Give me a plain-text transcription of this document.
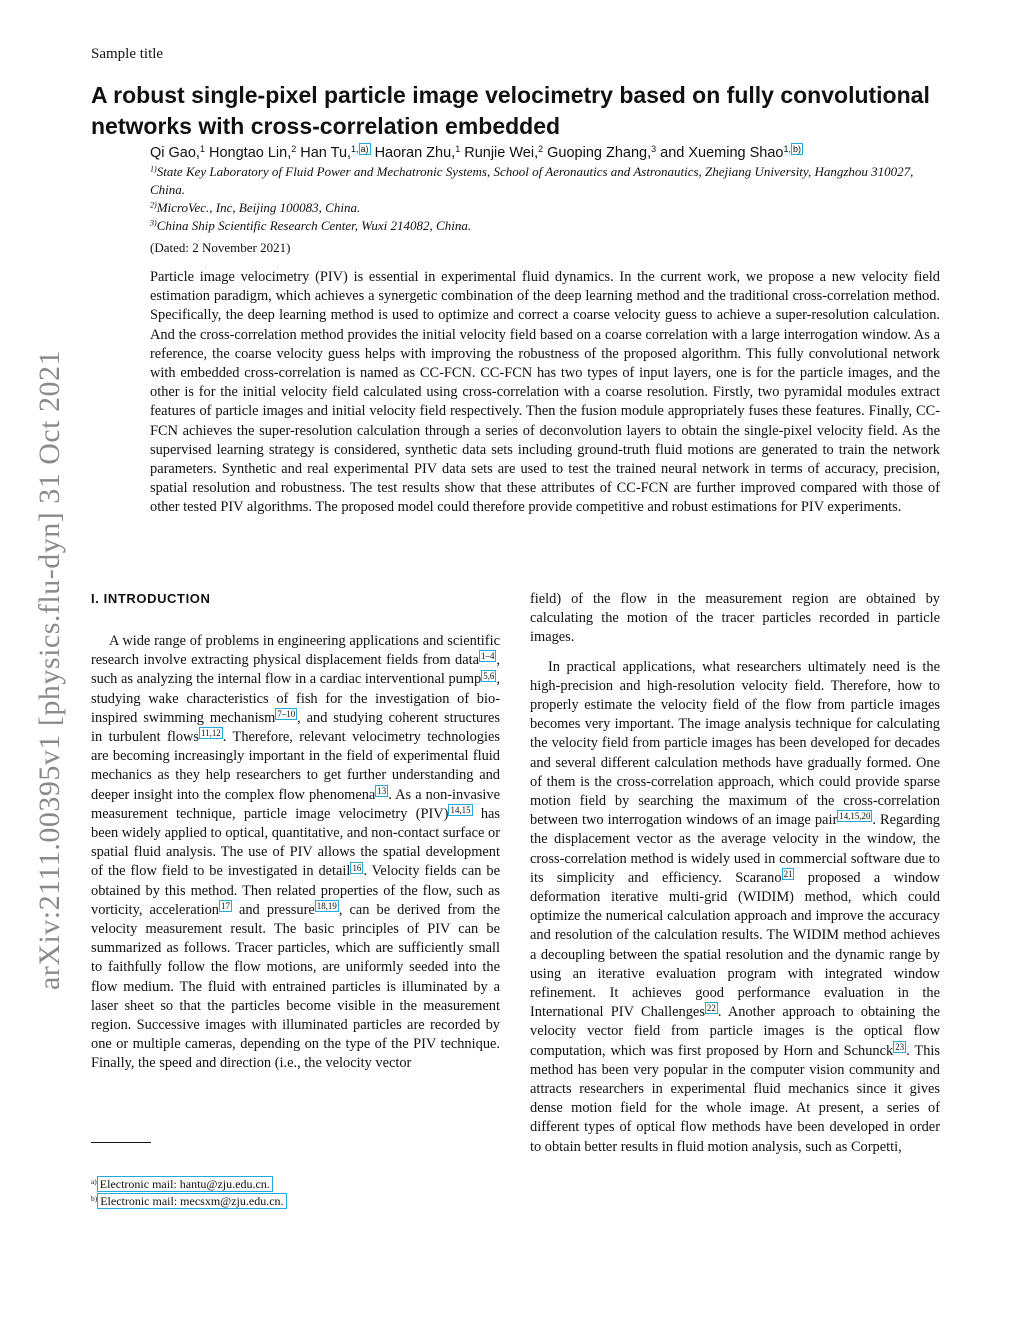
Sample title
arXiv:2111.00395v1 [physics.flu-dyn] 31 Oct 2021
A robust single-pixel particle image velocimetry based on fully convolutional networks with cross-correlation embedded
Qi Gao,$^1$ Hongtao Lin,$^2$ Han Tu,$^{1, a)}$ Haoran Zhu,$^1$ Runjie Wei,$^2$ Guoping Zhang,$^3$ and Xueming Shao$^{1, b)}$

$^{1)}$State Key Laboratory of Fluid Power and Mechatronic Systems, School of Aeronautics and Astronautics, Zhejiang University, Hangzhou 310027, China.

$^{2)}$MicroVec., Inc, Beijing 100083, China.

$^{3)}$China Ship Scientific Research Center, Wuxi 214082, China.

(Dated: 2 November 2021)

Particle image velocimetry (PIV) is essential in experimental fluid dynamics. In the current work, we propose a new velocity field estimation paradigm, which achieves a synergetic combination of the deep learning method and the traditional cross-correlation method. Specifically, the deep learning method is used to optimize and correct a coarse velocity guess to achieve a super-resolution calculation. And the cross-correlation method provides the initial velocity field based on a coarse correlation with a large interrogation window. As a reference, the coarse velocity guess helps with improving the robustness of the proposed algorithm. This fully convolutional network with embedded cross-correlation is named as CC-FCN. CC-FCN has two types of input layers, one is for the particle images, and the other is for the initial velocity field calculated using cross-correlation with a coarse resolution. Firstly, two pyramidal modules extract features of particle images and initial velocity field respectively. Then the fusion module appropriately fuses these features. Finally, CC-FCN achieves the super-resolution calculation through a series of deconvolution layers to obtain the single-pixel velocity field. As the supervised learning strategy is considered, synthetic data sets including ground-truth fluid motions are generated to train the network parameters. Synthetic and real experimental PIV data sets are used to test the trained neural network in terms of accuracy, precision, spatial resolution and robustness. The test results show that these attributes of CC-FCN are further improved compared with those of other tested PIV algorithms. The proposed model could therefore provide competitive and robust estimations for PIV experiments.

I. INTRODUCTION

A wide range of problems in engineering applications and scientific research involve extracting physical displacement fields from data $^{1-4}$ , such as analyzing the internal flow in a cardiac interventional pump $^{5,6}$ , studying wake characteristics of fish for the investigation of bio-inspired swimming mechanism $^{7-10}$ , and studying coherent structures in turbulent flows $^{11,12}$ . Therefore, relevant velocimetry technologies are becoming increasingly important in the field of experimental fluid mechanics as they help researchers to get further understanding and deeper insight into the complex flow phenomena $^{13}$ . As a non-invasive measurement technique, particle image velocimetry (PIV) $^{14,15}$ has been widely applied to optical, quantitative, and non-contact surface or spatial fluid analysis. The use of PIV allows the spatial development of the flow field to be investigated in detail $^{16}$ . Velocity fields can be obtained by this method. Then related properties of the flow, such as vorticity, acceleration $^{17}$ and pressure $^{18,19}$ , can be derived from the velocity measurement result. The basic principles of PIV can be summarized as follows. Tracer particles, which are sufficiently small to faithfully follow the flow motions, are uniformly seeded into the flow medium. The fluid with entrained particles is illuminated by a laser sheet so that the particles become visible in the measurement region. Successive images with illuminated particles are recorded by one or multiple cameras, depending on the type of the PIV technique. Finally, the speed and direction (i.e., the velocity vector

field) of the flow in the measurement region are obtained by calculating the motion of the tracer particles recorded in particle images.

In practical applications, what researchers ultimately need is the high-precision and high-resolution velocity field. Therefore, how to properly estimate the velocity field of the flow from particle images becomes very important. The image analysis technique for calculating the velocity field from particle images has been developed for decades and several different calculation methods have gradually formed. One of them is the cross-correlation approach, which could provide sparse motion field by searching the maximum of the cross-correlation between two interrogation windows of an image pair $^{14,15,20}$ . Regarding the displacement vector as the average velocity in the window, the cross-correlation method is widely used in commercial software due to its simplicity and efficiency. Scarano $^{21}$ proposed a window deformation iterative multi-grid (WIDIM) method, which could optimize the numerical calculation approach and improve the accuracy and resolution of the calculation results. The WIDIM method achieves a decoupling between the spatial resolution and the dynamic range by using an iterative evaluation program with integrated window refinement. It achieves good performance evaluation in the International PIV Challenges $^{22}$ . Another approach to obtaining the velocity vector field from particle images is the optical flow computation, which was first proposed by Horn and Schunck $^{23}$ . This method has been very popular in the computer vision community and attracts researchers in experimental fluid mechanics since it gives dense motion field for the whole image. At present, a series of different types of optical flow methods have been developed in order to obtain better results in fluid motion analysis, such as Corpetti,

$^{a)}$ Electronic mail: hantu@zju.edu.cn.

$^{b)}$ Electronic mail: mecsxm@zju.edu.cn.
